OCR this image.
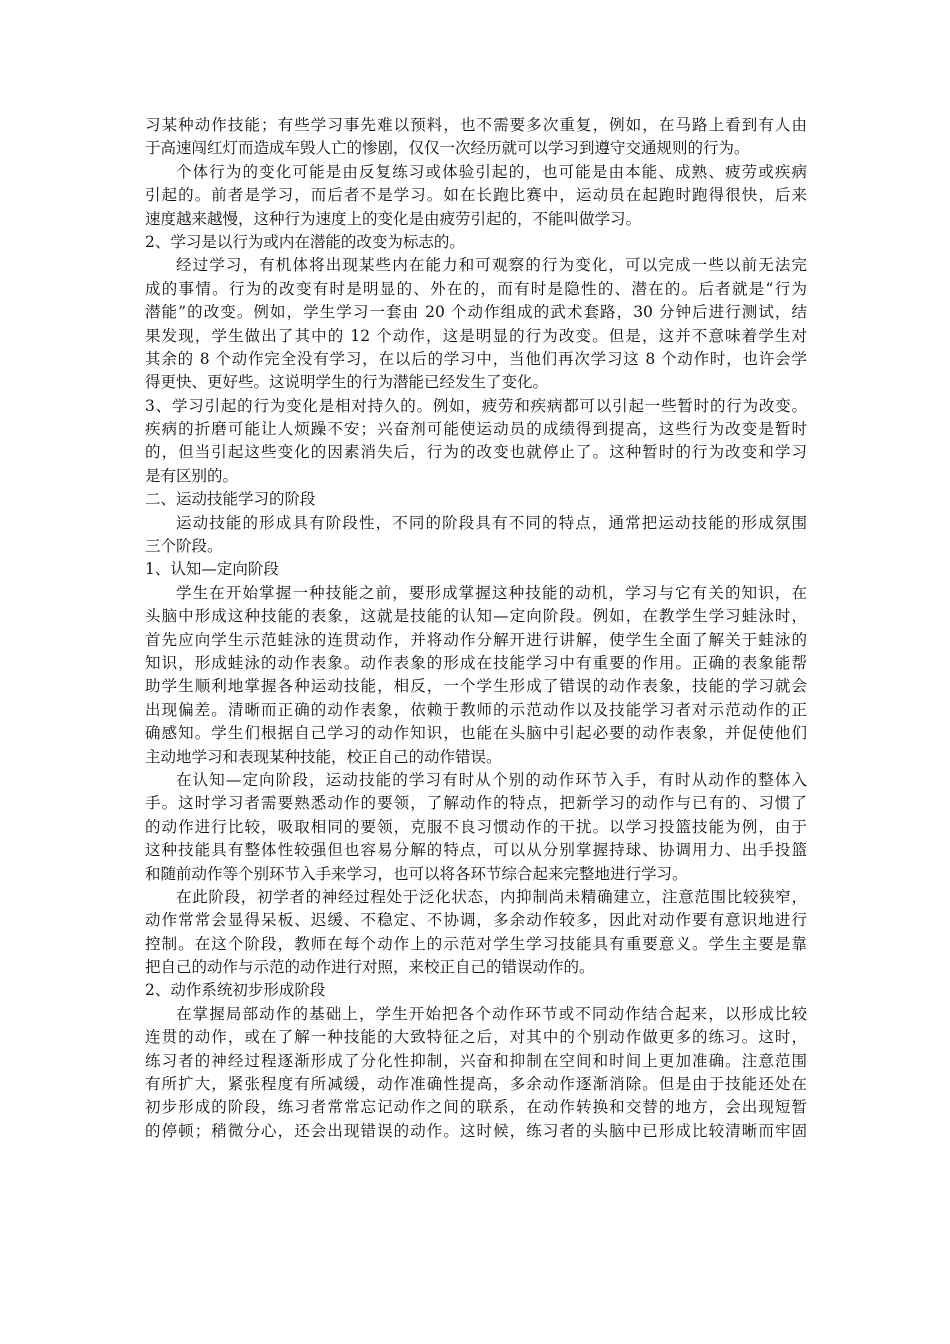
习某种动作技能；有些学习事先难以预料，也不需要多次重复，例如，在马路上看到有人由
于高速闯红灯而造成车毁人亡的惨剧，仅仅一次经历就可以学习到遵守交通规则的行为。
个体行为的变化可能是由反复练习或体验引起的，也可能是由本能、成熟、疲劳或疾病
引起的。前者是学习，而后者不是学习。如在长跑比赛中，运动员在起跑时跑得很快，后来
速度越来越慢，这种行为速度上的变化是由疲劳引起的，不能叫做学习。
2、学习是以行为或内在潜能的改变为标志的。
经过学习，有机体将出现某些内在能力和可观察的行为变化，可以完成一些以前无法完
成的事情。行为的改变有时是明显的、外在的，而有时是隐性的、潜在的。后者就是“行为
潜能”的改变。例如，学生学习一套由 20 个动作组成的武术套路，30 分钟后进行测试，结
果发现，学生做出了其中的 12 个动作，这是明显的行为改变。但是，这并不意味着学生对
其余的 8 个动作完全没有学习，在以后的学习中，当他们再次学习这 8 个动作时，也许会学
得更快、更好些。这说明学生的行为潜能已经发生了变化。
3、学习引起的行为变化是相对持久的。例如，疲劳和疾病都可以引起一些暂时的行为改变。
疾病的折磨可能让人烦躁不安；兴奋剂可能使运动员的成绩得到提高，这些行为改变是暂时
的，但当引起这些变化的因素消失后，行为的改变也就停止了。这种暂时的行为改变和学习
是有区别的。
二、运动技能学习的阶段
运动技能的形成具有阶段性，不同的阶段具有不同的特点，通常把运动技能的形成氛围
三个阶段。
1、认知—定向阶段
学生在开始掌握一种技能之前，要形成掌握这种技能的动机，学习与它有关的知识，在
头脑中形成这种技能的表象，这就是技能的认知—定向阶段。例如，在教学生学习蛙泳时，
首先应向学生示范蛙泳的连贯动作，并将动作分解开进行讲解，使学生全面了解关于蛙泳的
知识，形成蛙泳的动作表象。动作表象的形成在技能学习中有重要的作用。正确的表象能帮
助学生顺利地掌握各种运动技能，相反，一个学生形成了错误的动作表象，技能的学习就会
出现偏差。清晰而正确的动作表象，依赖于教师的示范动作以及技能学习者对示范动作的正
确感知。学生们根据自己学习的动作知识，也能在头脑中引起必要的动作表象，并促使他们
主动地学习和表现某种技能，校正自己的动作错误。
在认知—定向阶段，运动技能的学习有时从个别的动作环节入手，有时从动作的整体入
手。这时学习者需要熟悉动作的要领，了解动作的特点，把新学习的动作与已有的、习惯了
的动作进行比较，吸取相同的要领，克服不良习惯动作的干扰。以学习投篮技能为例，由于
这种技能具有整体性较强但也容易分解的特点，可以从分别掌握持球、协调用力、出手投篮
和随前动作等个别环节入手来学习，也可以将各环节综合起来完整地进行学习。
在此阶段，初学者的神经过程处于泛化状态，内抑制尚未精确建立，注意范围比较狭窄，
动作常常会显得呆板、迟缓、不稳定、不协调，多余动作较多，因此对动作要有意识地进行
控制。在这个阶段，教师在每个动作上的示范对学生学习技能具有重要意义。学生主要是靠
把自己的动作与示范的动作进行对照，来校正自己的错误动作的。
2、动作系统初步形成阶段
在掌握局部动作的基础上，学生开始把各个动作环节或不同动作结合起来，以形成比较
连贯的动作，或在了解一种技能的大致特征之后，对其中的个别动作做更多的练习。这时，
练习者的神经过程逐渐形成了分化性抑制，兴奋和抑制在空间和时间上更加准确。注意范围
有所扩大，紧张程度有所减缓，动作准确性提高，多余动作逐渐消除。但是由于技能还处在
初步形成的阶段，练习者常常忘记动作之间的联系，在动作转换和交替的地方，会出现短暂
的停顿；稍微分心，还会出现错误的动作。这时候，练习者的头脑中已形成比较清晰而牢固
